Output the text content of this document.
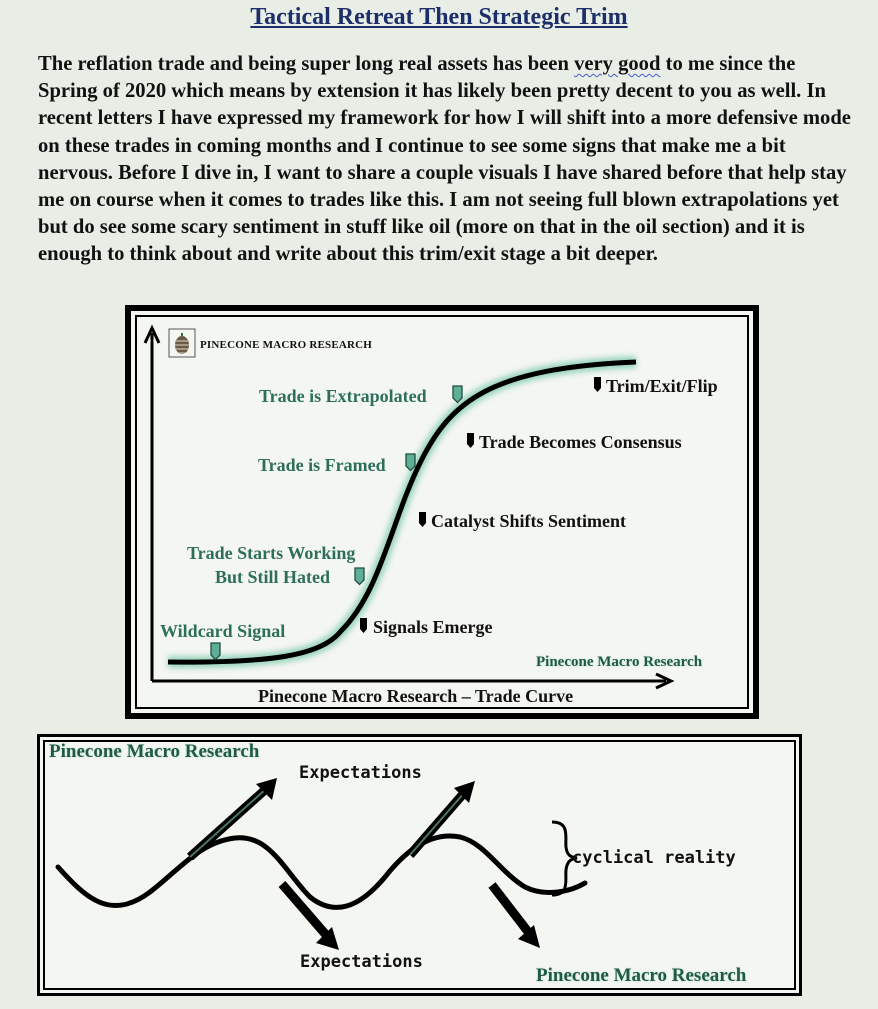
Tactical Retreat Then Strategic Trim
The reflation trade and being super long real assets has been very good to me since the Spring of 2020 which means by extension it has likely been pretty decent to you as well. In recent letters I have expressed my framework for how I will shift into a more defensive mode on these trades in coming months and I continue to see some signs that make me a bit nervous. Before I dive in, I want to share a couple visuals I have shared before that help stay me on course when it comes to trades like this. I am not seeing full blown extrapolations yet but do see some scary sentiment in stuff like oil (more on that in the oil section) and it is enough to think about and write about this trim/exit stage a bit deeper.
PINECONE MACRO RESEARCH
Trade is Extrapolated
Trade is Framed
Trade Starts Working
But Still Hated
Wildcard Signal
Trim/Exit/Flip
Trade Becomes Consensus
Catalyst Shifts Sentiment
Signals Emerge
Pinecone Macro Research
Pinecone Macro Research – Trade Curve
Pinecone Macro Research
Expectations
cyclical reality
Expectations
Pinecone Macro Research
